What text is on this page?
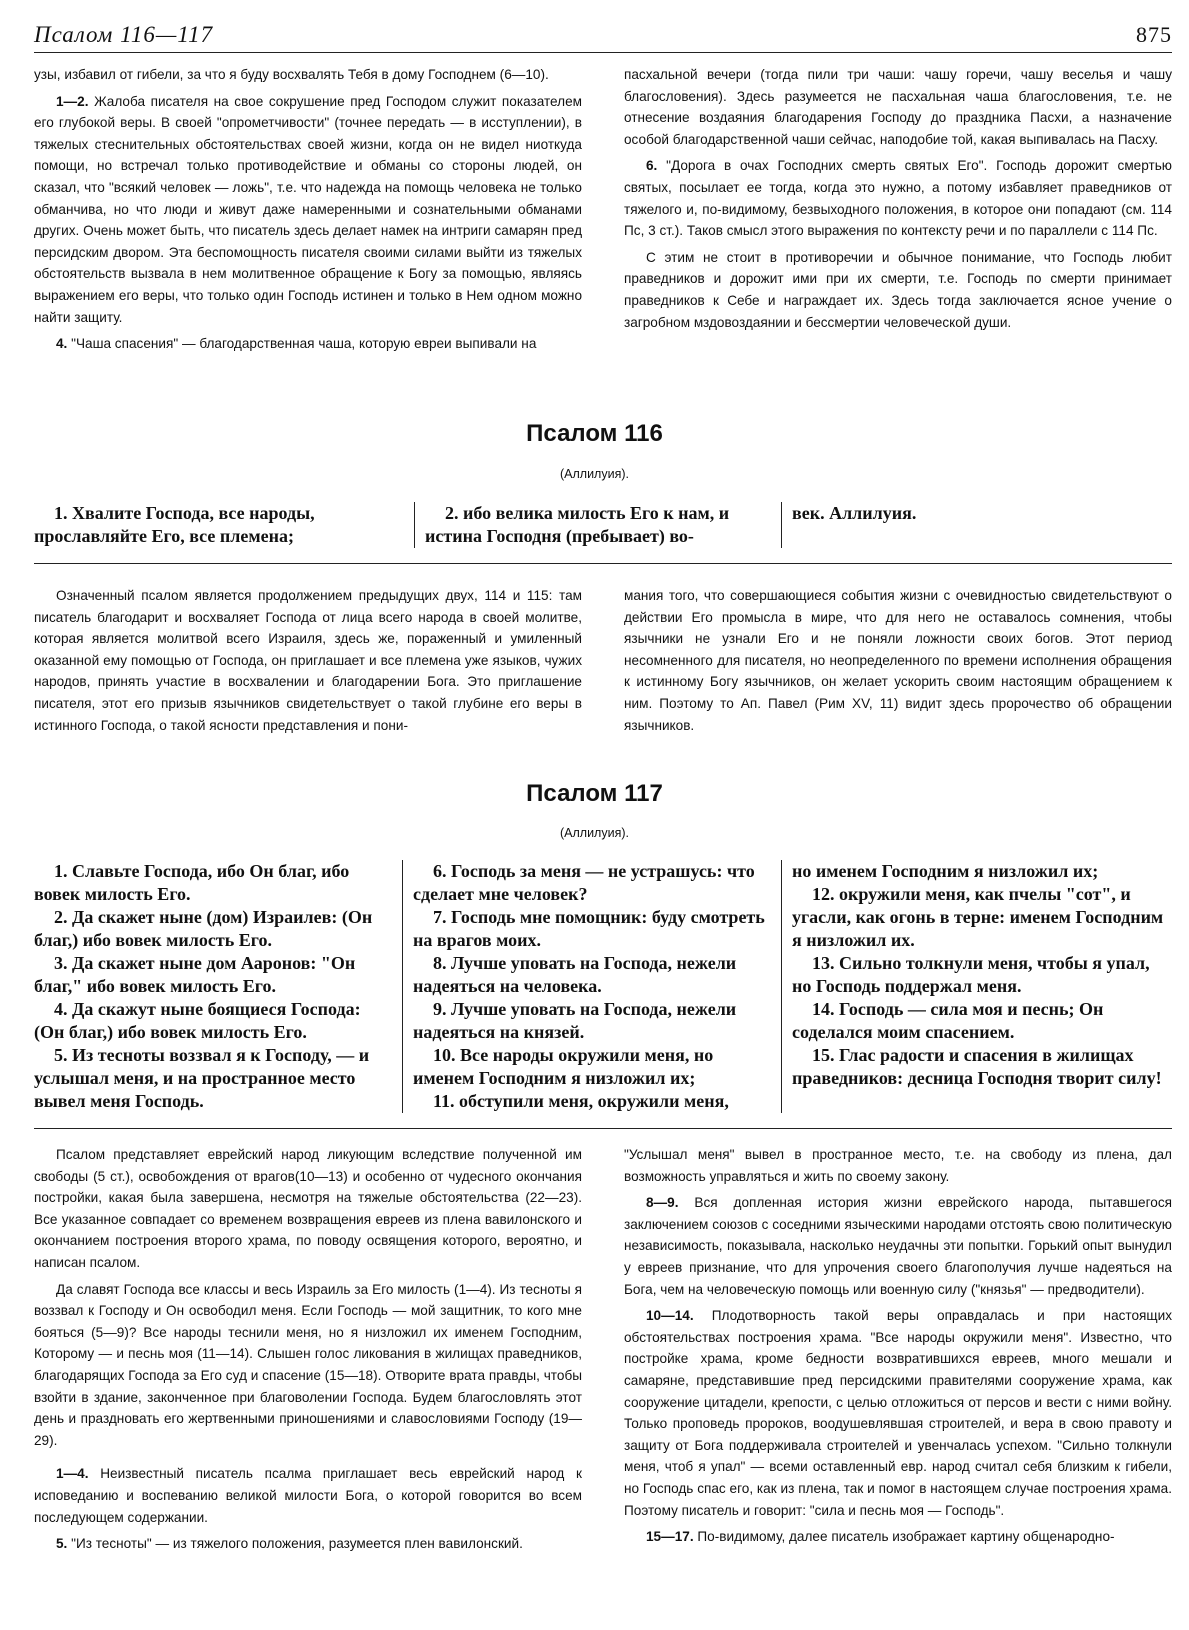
Псалом 116—117	875

узы, избавил от гибели, за что я буду восхвалять Тебя в дому Господнем (6—10).

1—2. Жалоба писателя на свое сокрушение пред Господом служит показателем его глубокой веры. В своей "опрометчивости" (точнее передать — в исступлении), в тяжелых стеснительных обстоятельствах своей жизни, когда он не видел ниоткуда помощи, но встречал только противодействие и обманы со стороны людей, он сказал, что "всякий человек — ложь", т.е. что надежда на помощь человека не только обманчива, но что люди и живут даже намеренными и сознательными обманами других. Очень может быть, что писатель здесь делает намек на интриги самарян пред персидским двором. Эта беспомощность писателя своими силами выйти из тяжелых обстоятельств вызвала в нем молитвенное обращение к Богу за помощью, являясь выражением его веры, что только один Господь истинен и только в Нем одном можно найти защиту.

4. "Чаша спасения" — благодарственная чаша, которую евреи выпивали на

пасхальной вечери (тогда пили три чаши: чашу горечи, чашу веселья и чашу благословения). Здесь разумеется не пасхальная чаша благословения, т.е. не отнесение воздаяния благодарения Господу до праздника Пасхи, а назначение особой благодарственной чаши сейчас, наподобие той, какая выпивалась на Пасху.

6. "Дорога в очах Господних смерть святых Его". Господь дорожит смертью святых, посылает ее тогда, когда это нужно, а потому избавляет праведников от тяжелого и, по-видимому, безвыходного положения, в которое они попадают (см. 114 Пс, 3 ст.). Таков смысл этого выражения по контексту речи и по параллели с 114 Пс.

С этим не стоит в противоречии и обычное понимание, что Господь любит праведников и дорожит ими при их смерти, т.е. Господь по смерти принимает праведников к Себе и награждает их. Здесь тогда заключается ясное учение о загробном мздовоздаянии и бессмертии человеческой души.

Псалом 116
(Аллилуия).

1. Хвалите Господа, все народы, прославляйте Его, все племена;

2. ибо велика милость Его к нам, и истина Господня (пребывает) во-

век. Аллилуия.

Означенный псалом является продолжением предыдущих двух, 114 и 115: там писатель благодарит и восхваляет Господа от лица всего народа в своей молитве, которая является молитвой всего Израиля, здесь же, пораженный и умиленный оказанной ему помощью от Господа, он приглашает и все племена уже языков, чужих народов, принять участие в восхвалении и благодарении Бога. Это приглашение писателя, этот его призыв язычников свидетельствует о такой глубине его веры в истинного Господа, о такой ясности представления и пони-

мания того, что совершающиеся события жизни с очевидностью свидетельствуют о действии Его промысла в мире, что для него не оставалось сомнения, чтобы язычники не узнали Его и не поняли ложности своих богов. Этот период несомненного для писателя, но неопределенного по времени исполнения обращения к истинному Богу язычников, он желает ускорить своим настоящим обращением к ним. Поэтому то Ап. Павел (Рим XV, 11) видит здесь пророчество об обращении язычников.

Псалом 117
(Аллилуия).

1. Славьте Господа, ибо Он благ, ибо вовек милость Его.

2. Да скажет ныне (дом) Израилев: (Он благ,) ибо вовек милость Его.

3. Да скажет ныне дом Ааронов: "Он благ," ибо вовек милость Его.

4. Да скажут ныне боящиеся Господа: (Он благ,) ибо вовек милость Его.

5. Из тесноты воззвал я к Господу, — и услышал меня, и на пространное место вывел меня Господь.

6. Господь за меня — не устрашусь: что сделает мне человек?

7. Господь мне помощник: буду смотреть на врагов моих.

8. Лучше уповать на Господа, нежели надеяться на человека.

9. Лучше уповать на Господа, нежели надеяться на князей.

10. Все народы окружили меня, но именем Господним я низложил их;

11. обступили меня, окружили меня,

но именем Господним я низложил их;

12. окружили меня, как пчелы "сот", и угасли, как огонь в терне: именем Господним я низложил их.

13. Сильно толкнули меня, чтобы я упал, но Господь поддержал меня.

14. Господь — сила моя и песнь; Он соделался моим спасением.

15. Глас радости и спасения в жилищах праведников: десница Господня творит силу!

Псалом представляет еврейский народ ликующим вследствие полученной им свободы (5 ст.), освобождения от врагов(10—13) и особенно от чудесного окончания постройки, какая была завершена, несмотря на тяжелые обстоятельства (22—23). Все указанное совпадает со временем возвращения евреев из плена вавилонского и окончанием построения второго храма, по поводу освящения которого, вероятно, и написан псалом.

Да славят Господа все классы и весь Израиль за Его милость (1—4). Из тесноты я воззвал к Господу и Он освободил меня. Если Господь — мой защитник, то кого мне бояться (5—9)? Все народы теснили меня, но я низложил их именем Господним, Которому — и песнь моя (11—14). Слышен голос ликования в жилищах праведников, благодарящих Господа за Его суд и спасение (15—18). Отворите врата правды, чтобы взойти в здание, законченное при благоволении Господа. Будем благословлять этот день и праздновать его жертвенными приношениями и славословиями Господу (19—29).

1—4. Неизвестный писатель псалма приглашает весь еврейский народ к исповеданию и воспеванию великой милости Бога, о которой говорится во всем последующем содержании.

5. "Из тесноты" — из тяжелого положения, разумеется плен вавилонский.

"Услышал меня" вывел в пространное место, т.е. на свободу из плена, дал возможность управляться и жить по своему закону.

8—9. Вся допленная история жизни еврейского народа, пытавшегося заключением союзов с соседними языческими народами отстоять свою политическую независимость, показывала, насколько неудачны эти попытки. Горький опыт вынудил у евреев признание, что для упрочения своего благополучия лучше надеяться на Бога, чем на человеческую помощь или военную силу ("князья" — предводители).

10—14. Плодотворность такой веры оправдалась и при настоящих обстоятельствах построения храма. "Все народы окружили меня". Известно, что постройке храма, кроме бедности возвратившихся евреев, много мешали и самаряне, представившие пред персидскими правителями сооружение храма, как сооружение цитадели, крепости, с целью отложиться от персов и вести с ними войну. Только проповедь пророков, воодушевлявшая строителей, и вера в свою правоту и защиту от Бога поддерживала строителей и увенчалась успехом. "Сильно толкнули меня, чтоб я упал" — всеми оставленный евр. народ считал себя близким к гибели, но Господь спас его, как из плена, так и помог в настоящем случае построения храма. Поэтому писатель и говорит: "сила и песнь моя — Господь".

15—17. По-видимому, далее писатель изображает картину общенародно-
